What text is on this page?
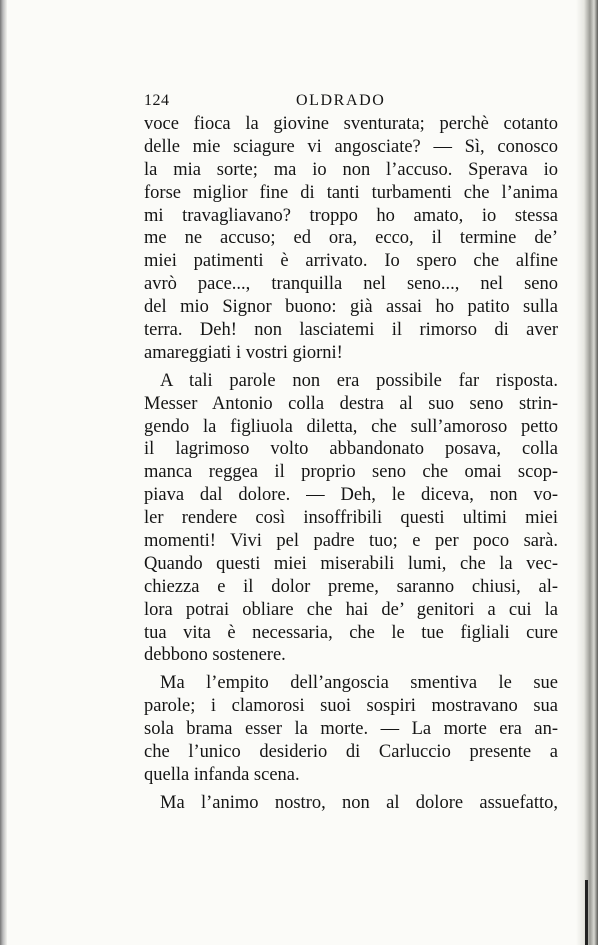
124	OLDRADO
voce fioca la giovine sventurata; perchè cotanto
delle mie sciagure vi angosciate? — Sì, conosco
la mia sorte; ma io non l’accuso. Sperava io
forse miglior fine di tanti turbamenti che l’anima
mi travagliavano? troppo ho amato, io stessa
me ne accuso; ed ora, ecco, il termine de’
miei patimenti è arrivato. Io spero che alfine
avrò pace..., tranquilla nel seno..., nel seno
del mio Signor buono: già assai ho patito sulla
terra. Deh! non lasciatemi il rimorso di aver
amareggiati i vostri giorni!
A tali parole non era possibile far risposta.
Messer Antonio colla destra al suo seno strin-
gendo la figliuola diletta, che sull’amoroso petto
il lagrimoso volto abbandonato posava, colla
manca reggea il proprio seno che omai scop-
piava dal dolore. — Deh, le diceva, non vo-
ler rendere così insoffribili questi ultimi miei
momenti! Vivi pel padre tuo; e per poco sarà.
Quando questi miei miserabili lumi, che la vec-
chiezza e il dolor preme, saranno chiusi, al-
lora potrai obliare che hai de’ genitori a cui la
tua vita è necessaria, che le tue figliali cure
debbono sostenere.
Ma l’empito dell’angoscia smentiva le sue
parole; i clamorosi suoi sospiri mostravano sua
sola brama esser la morte. — La morte era an-
che l’unico desiderio di Carluccio presente a
quella infanda scena.
Ma l’animo nostro, non al dolore assuefatto,
